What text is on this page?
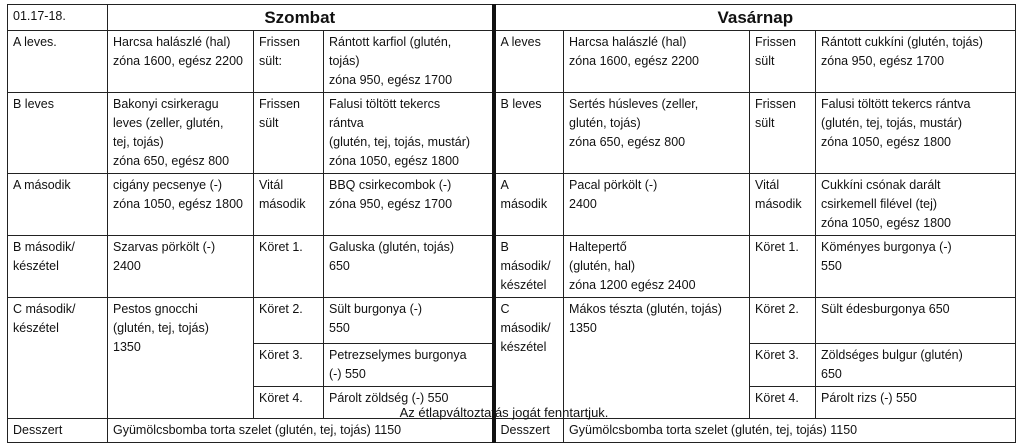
01.17-18.	Szombat			Vasárnap			

A leves.	Harcsa halászlé (hal)
zóna 1600, egész 2200	Frissen
sült:	Rántott karfiol (glutén,
tojás)
zóna 950, egész 1700	A leves	Harcsa halászlé (hal)
zóna 1600, egész 2200	Frissen
sült	Rántott cukkíni (glutén, tojás)
zóna 950, egész 1700

B leves	Bakonyi csirkeragu
leves (zeller, glutén,
tej, tojás)
zóna 650, egész 800	Frissen
sült	Falusi töltött tekercs
rántva
(glutén, tej, tojás, mustár)
zóna 1050, egész 1800	B leves	Sertés húsleves (zeller,
glutén, tojás)
zóna 650, egész 800	Frissen
sült	Falusi töltött tekercs rántva
(glutén, tej, tojás, mustár)
zóna 1050, egész 1800

A második	cigány pecsenye (-)
zóna 1050, egész 1800	Vitál
második	BBQ csirkecombok (-)
zóna 950, egész 1700	A második	Pacal pörkölt (-)
2400	Vitál
második	Cukkíni csónak darált
csirkemell filével (tej)
zóna 1050, egész 1800

B második/ készétel	Szarvas pörkölt (-)
2400	Köret 1.	Galuska (glutén, tojás)
650	B második/ készétel	Haltepertő
(glutén, hal)
zóna 1200 egész 2400	Köret 1.	Köményes burgonya (-)
550

C második/ készétel	Pestos gnocchi
(glutén, tej, tojás)
1350	Köret 2.	Sült burgonya (-)
550	C második/ készétel	Mákos tészta (glutén, tojás)
1350	Köret 2.	Sült édesburgonya 650

		Köret 3.	Petrezselymes burgonya
(-) 550			Köret 3.	Zöldséges bulgur (glutén)
650

		Köret 4.	Párolt zöldség (-) 550			Köret 4.	Párolt rizs (-) 550

Desszert	Gyümölcsbomba torta szelet (glutén, tej, tojás) 1150			Desszert	Gyümölcsbomba torta szelet (glutén, tej, tojás) 1150		
Az étlapváltoztatás jogát fenntartjuk.
